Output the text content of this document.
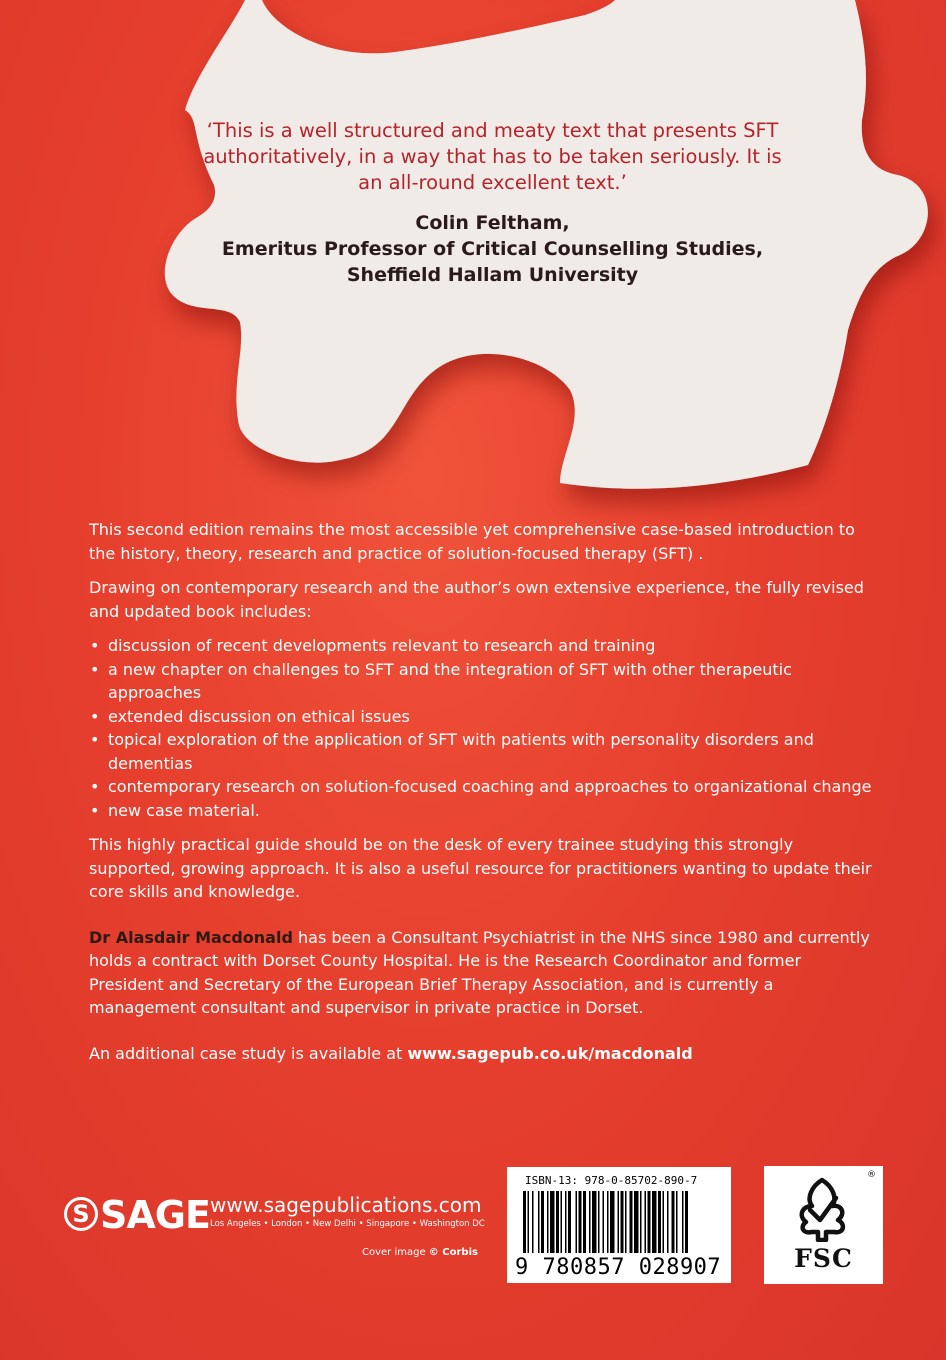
‘This is a well structured and meaty text that presents SFT authoritatively, in a way that has to be taken seriously. It is an all-round excellent text.’

Colin Feltham,
Emeritus Professor of Critical Counselling Studies,
Sheffield Hallam University

This second edition remains the most accessible yet comprehensive case-based introduction to the history, theory, research and practice of solution-focused therapy (SFT) .

Drawing on contemporary research and the author’s own extensive experience, the fully revised and updated book includes:

• discussion of recent developments relevant to research and training
• a new chapter on challenges to SFT and the integration of SFT with other therapeutic approaches
• extended discussion on ethical issues
• topical exploration of the application of SFT with patients with personality disorders and dementias
• contemporary research on solution-focused coaching and approaches to organizational change
• new case material.

This highly practical guide should be on the desk of every trainee studying this strongly supported, growing approach. It is also a useful resource for practitioners wanting to update their core skills and knowledge.

Dr Alasdair Macdonald has been a Consultant Psychiatrist in the NHS since 1980 and currently holds a contract with Dorset County Hospital. He is the Research Coordinator and former President and Secretary of the European Brief Therapy Association, and is currently a management consultant and supervisor in private practice in Dorset.

An additional case study is available at www.sagepub.co.uk/macdonald

S SAGE www.sagepublications.com
Los Angeles • London • New Delhi • Singapore • Washington DC
Cover image © Corbis
ISBN-13: 978-0-85702-890-7
9 780857 028907
®
FSC
